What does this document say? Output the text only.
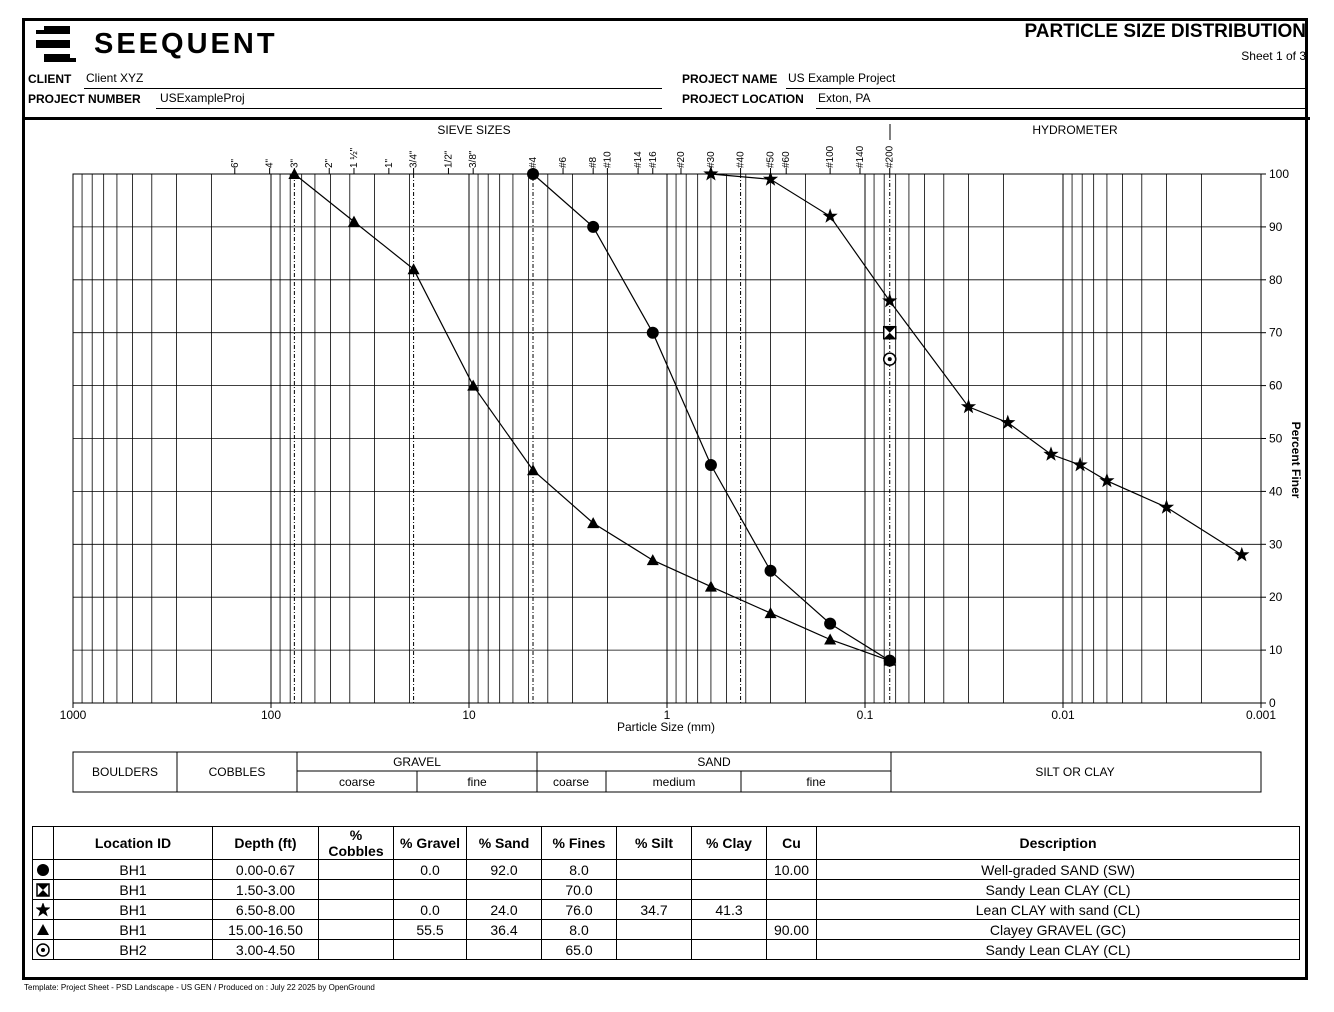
SEEQUENT	PARTICLE SIZE DISTRIBUTION
Sheet 1 of 3
CLIENT Client XYZ
PROJECT NUMBER USExampleProj
PROJECT NAME US Example Project
PROJECT LOCATION Exton, PA
6" 4" 3" 2" 1 ½" 1" 3/4" 1/2" 3/8"	#4 #6 #8 #10 #14 #16 #20 #30 #40 #50 #60	#100 #140 #200
0
10
20
30
40
50
60
70
80
90
100
1000	100	10	1	0.1	0.01	0.001
SIEVE SIZES	HYDROMETER
Particle Size (mm)
Percent Finer
BOULDERS	COBBLES
GRAVEL	SAND
SILT OR CLAY
coarse	fine	coarse	medium	fine
	Location ID	Depth (ft)	% Cobbles	% Gravel	% Sand	% Fines	% Silt	% Clay	Cu	Description
	BH1	0.00-0.67		0.0	92.0	8.0			10.00	Well-graded SAND (SW)
	BH1	1.50-3.00				70.0				Sandy Lean CLAY (CL)
	BH1	6.50-8.00		0.0	24.0	76.0	34.7	41.3		Lean CLAY with sand (CL)
	BH1	15.00-16.50		55.5	36.4	8.0			90.00	Clayey GRAVEL (GC)
	BH2	3.00-4.50				65.0				Sandy Lean CLAY (CL)
Template: Project Sheet - PSD Landscape - US GEN / Produced on : July 22 2025 by OpenGround
